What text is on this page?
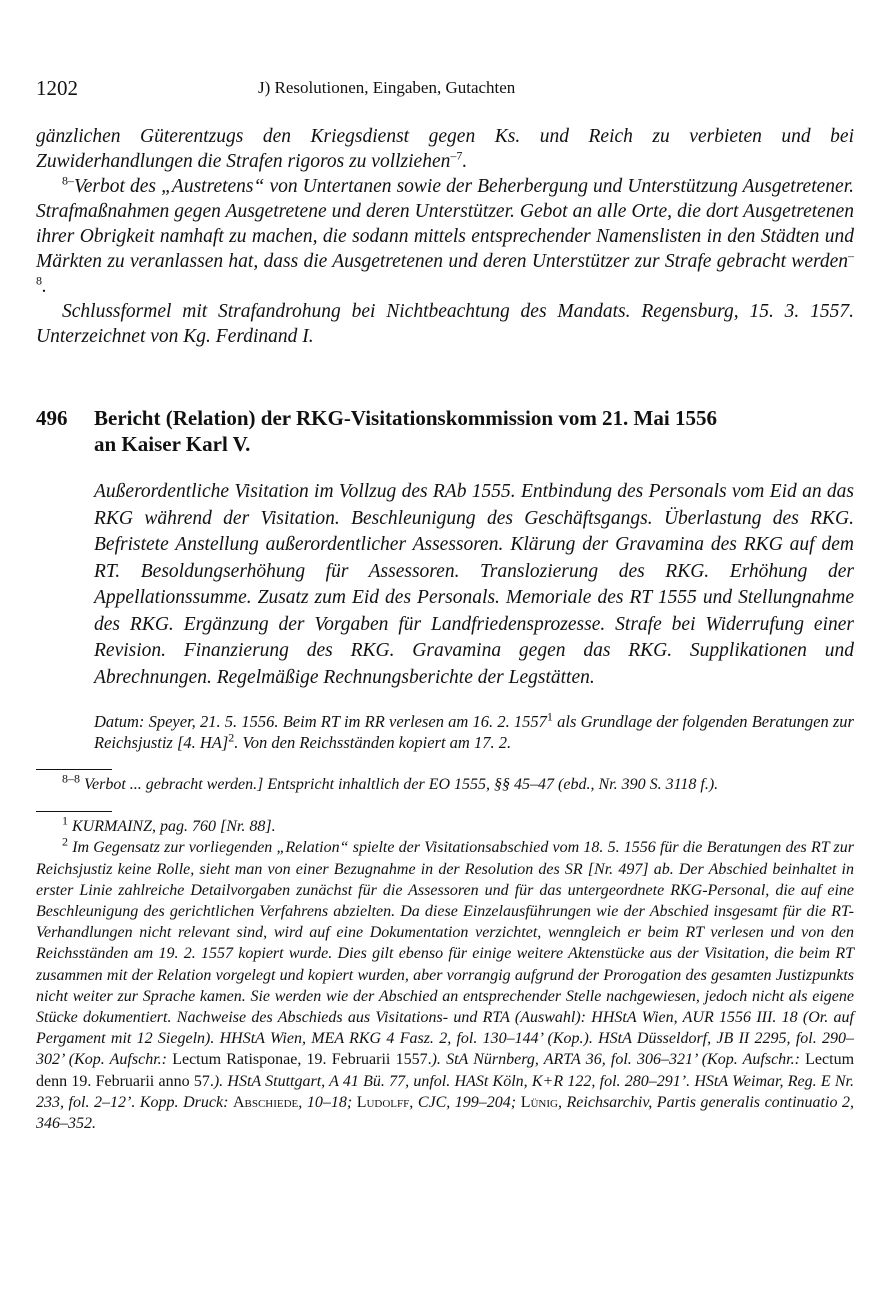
1202	J) Resolutionen, Eingaben, Gutachten

gänzlichen Güterentzugs den Kriegsdienst gegen Ks. und Reich zu verbieten und bei Zuwiderhandlungen die Strafen rigoros zu vollziehen$^{-7}$.

$^{8-}$Verbot des „Austretens“ von Untertanen sowie der Beherbergung und Unterstützung Ausgetretener. Strafmaßnahmen gegen Ausgetretene und deren Unterstützer. Gebot an alle Orte, die dort Ausgetretenen ihrer Obrigkeit namhaft zu machen, die sodann mittels entsprechender Namenslisten in den Städten und Märkten zu veranlassen hat, dass die Ausgetretenen und deren Unterstützer zur Strafe gebracht werden$^{-8}$.

Schlussformel mit Strafandrohung bei Nichtbeachtung des Mandats. Regensburg, 15. 3. 1557. Unterzeichnet von Kg. Ferdinand I.

496 Bericht (Relation) der RKG-Visitationskommission vom 21. Mai 1556
an Kaiser Karl V.

Außerordentliche Visitation im Vollzug des RAb 1555. Entbindung des Personals vom Eid an das RKG während der Visitation. Beschleunigung des Geschäftsgangs. Überlastung des RKG. Befristete Anstellung außerordentlicher Assessoren. Klärung der Gravamina des RKG auf dem RT. Besoldungserhöhung für Assessoren. Translozierung des RKG. Erhöhung der Appellationssumme. Zusatz zum Eid des Personals. Memoriale des RT 1555 und Stellungnahme des RKG. Ergänzung der Vorgaben für Landfriedensprozesse. Strafe bei Widerrufung einer Revision. Finanzierung des RKG. Gravamina gegen das RKG. Supplikationen und Abrechnungen. Regelmäßige Rechnungsberichte der Legstätten.

Datum: Speyer, 21. 5. 1556. Beim RT im RR verlesen am 16. 2. 1557$^1$ als Grundlage der folgenden Beratungen zur Reichsjustiz [4. HA]$^2$. Von den Reichsständen kopiert am 17. 2.

$^{8-8}$ Verbot ... gebracht werden.] Entspricht inhaltlich der EO 1555, §§ 45–47 (ebd., Nr. 390 S. 3118 f.).

$^1$ KURMAINZ, pag. 760 [Nr. 88].

$^2$ Im Gegensatz zur vorliegenden „Relation“ spielte der Visitationsabschied vom 18. 5. 1556 für die Beratungen des RT zur Reichsjustiz keine Rolle, sieht man von einer Bezugnahme in der Resolution des SR [Nr. 497] ab. Der Abschied beinhaltet in erster Linie zahlreiche Detailvorgaben zunächst für die Assessoren und für das untergeordnete RKG-Personal, die auf eine Beschleunigung des gerichtlichen Verfahrens abzielten. Da diese Einzelausführungen wie der Abschied insgesamt für die RT-Verhandlungen nicht relevant sind, wird auf eine Dokumentation verzichtet, wenngleich er beim RT verlesen und von den Reichsständen am 19. 2. 1557 kopiert wurde. Dies gilt ebenso für einige weitere Aktenstücke aus der Visitation, die beim RT zusammen mit der Relation vorgelegt und kopiert wurden, aber vorrangig aufgrund der Prorogation des gesamten Justizpunkts nicht weiter zur Sprache kamen. Sie werden wie der Abschied an entsprechender Stelle nachgewiesen, jedoch nicht als eigene Stücke dokumentiert. Nachweise des Abschieds aus Visitations- und RTA (Auswahl): HHStA Wien, AUR 1556 III. 18 (Or. auf Pergament mit 12 Siegeln). HHStA Wien, MEA RKG 4 Fasz. 2, fol. 130–144’ (Kop.). HStA Düsseldorf, JB II 2295, fol. 290–302’ (Kop. Aufschr.: Lectum Ratisponae, 19. Februarii 1557.). StA Nürnberg, ARTA 36, fol. 306–321’ (Kop. Aufschr.: Lectum denn 19. Februarii anno 57.). HStA Stuttgart, A 41 Bü. 77, unfol. HASt Köln, K+R 122, fol. 280–291’. HStA Weimar, Reg. E Nr. 233, fol. 2–12’. Kopp. Druck: Abschiede, 10–18; Ludolff, CJC, 199–204; Lünig, Reichsarchiv, Partis generalis continuatio 2, 346–352.
